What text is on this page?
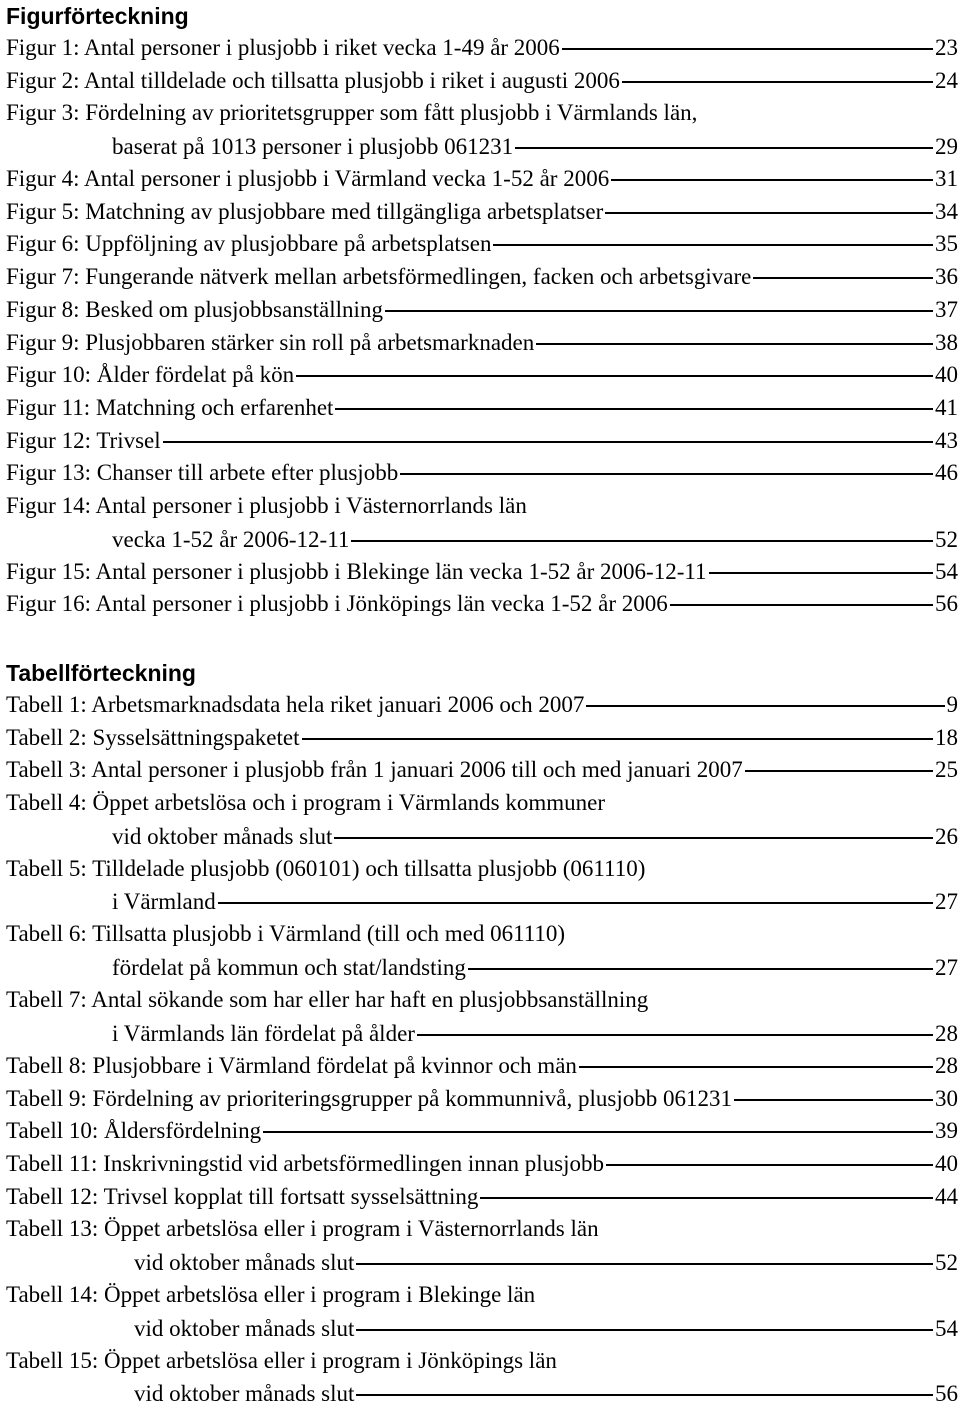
Figurförteckning
Figur 1: Antal personer i plusjobb i riket vecka 1-49 år 2006	23
Figur 2: Antal tilldelade och tillsatta plusjobb i riket i augusti 2006	24
Figur 3: Fördelning av prioritetsgrupper som fått plusjobb i Värmlands län,
baserat på 1013 personer i plusjobb 061231	29
Figur 4: Antal personer i plusjobb i Värmland vecka 1-52 år 2006	31
Figur 5: Matchning av plusjobbare med tillgängliga arbetsplatser	34
Figur 6: Uppföljning av plusjobbare på arbetsplatsen	35
Figur 7: Fungerande nätverk mellan arbetsförmedlingen, facken och arbetsgivare	36
Figur 8: Besked om plusjobbsanställning	37
Figur 9: Plusjobbaren stärker sin roll på arbetsmarknaden	38
Figur 10: Ålder fördelat på kön	40
Figur 11: Matchning och erfarenhet	41
Figur 12: Trivsel	43
Figur 13: Chanser till arbete efter plusjobb	46
Figur 14: Antal personer i plusjobb i Västernorrlands län
vecka 1-52 år 2006-12-11	52
Figur 15: Antal personer i plusjobb i Blekinge län vecka 1-52 år 2006-12-11	54
Figur 16: Antal personer i plusjobb i Jönköpings län vecka 1-52 år 2006	56
Tabellförteckning
Tabell 1: Arbetsmarknadsdata hela riket januari 2006 och 2007	9
Tabell 2: Sysselsättningspaketet	18
Tabell 3: Antal personer i plusjobb från 1 januari 2006 till och med januari 2007	25
Tabell 4: Öppet arbetslösa och i program i Värmlands kommuner
vid oktober månads slut	26
Tabell 5: Tilldelade plusjobb (060101) och tillsatta plusjobb (061110)
i Värmland	27
Tabell 6: Tillsatta plusjobb i Värmland (till och med 061110)
fördelat på kommun och stat/landsting	27
Tabell 7: Antal sökande som har eller har haft en plusjobbsanställning
i Värmlands län fördelat på ålder	28
Tabell 8: Plusjobbare i Värmland fördelat på kvinnor och män	28
Tabell 9: Fördelning av prioriteringsgrupper på kommunnivå, plusjobb 061231	30
Tabell 10: Åldersfördelning	39
Tabell 11: Inskrivningstid vid arbetsförmedlingen innan plusjobb	40
Tabell 12: Trivsel kopplat till fortsatt sysselsättning	44
Tabell 13: Öppet arbetslösa eller i program i Västernorrlands län
vid oktober månads slut	52
Tabell 14: Öppet arbetslösa eller i program i Blekinge län
vid oktober månads slut	54
Tabell 15: Öppet arbetslösa eller i program i Jönköpings län
vid oktober månads slut	56
